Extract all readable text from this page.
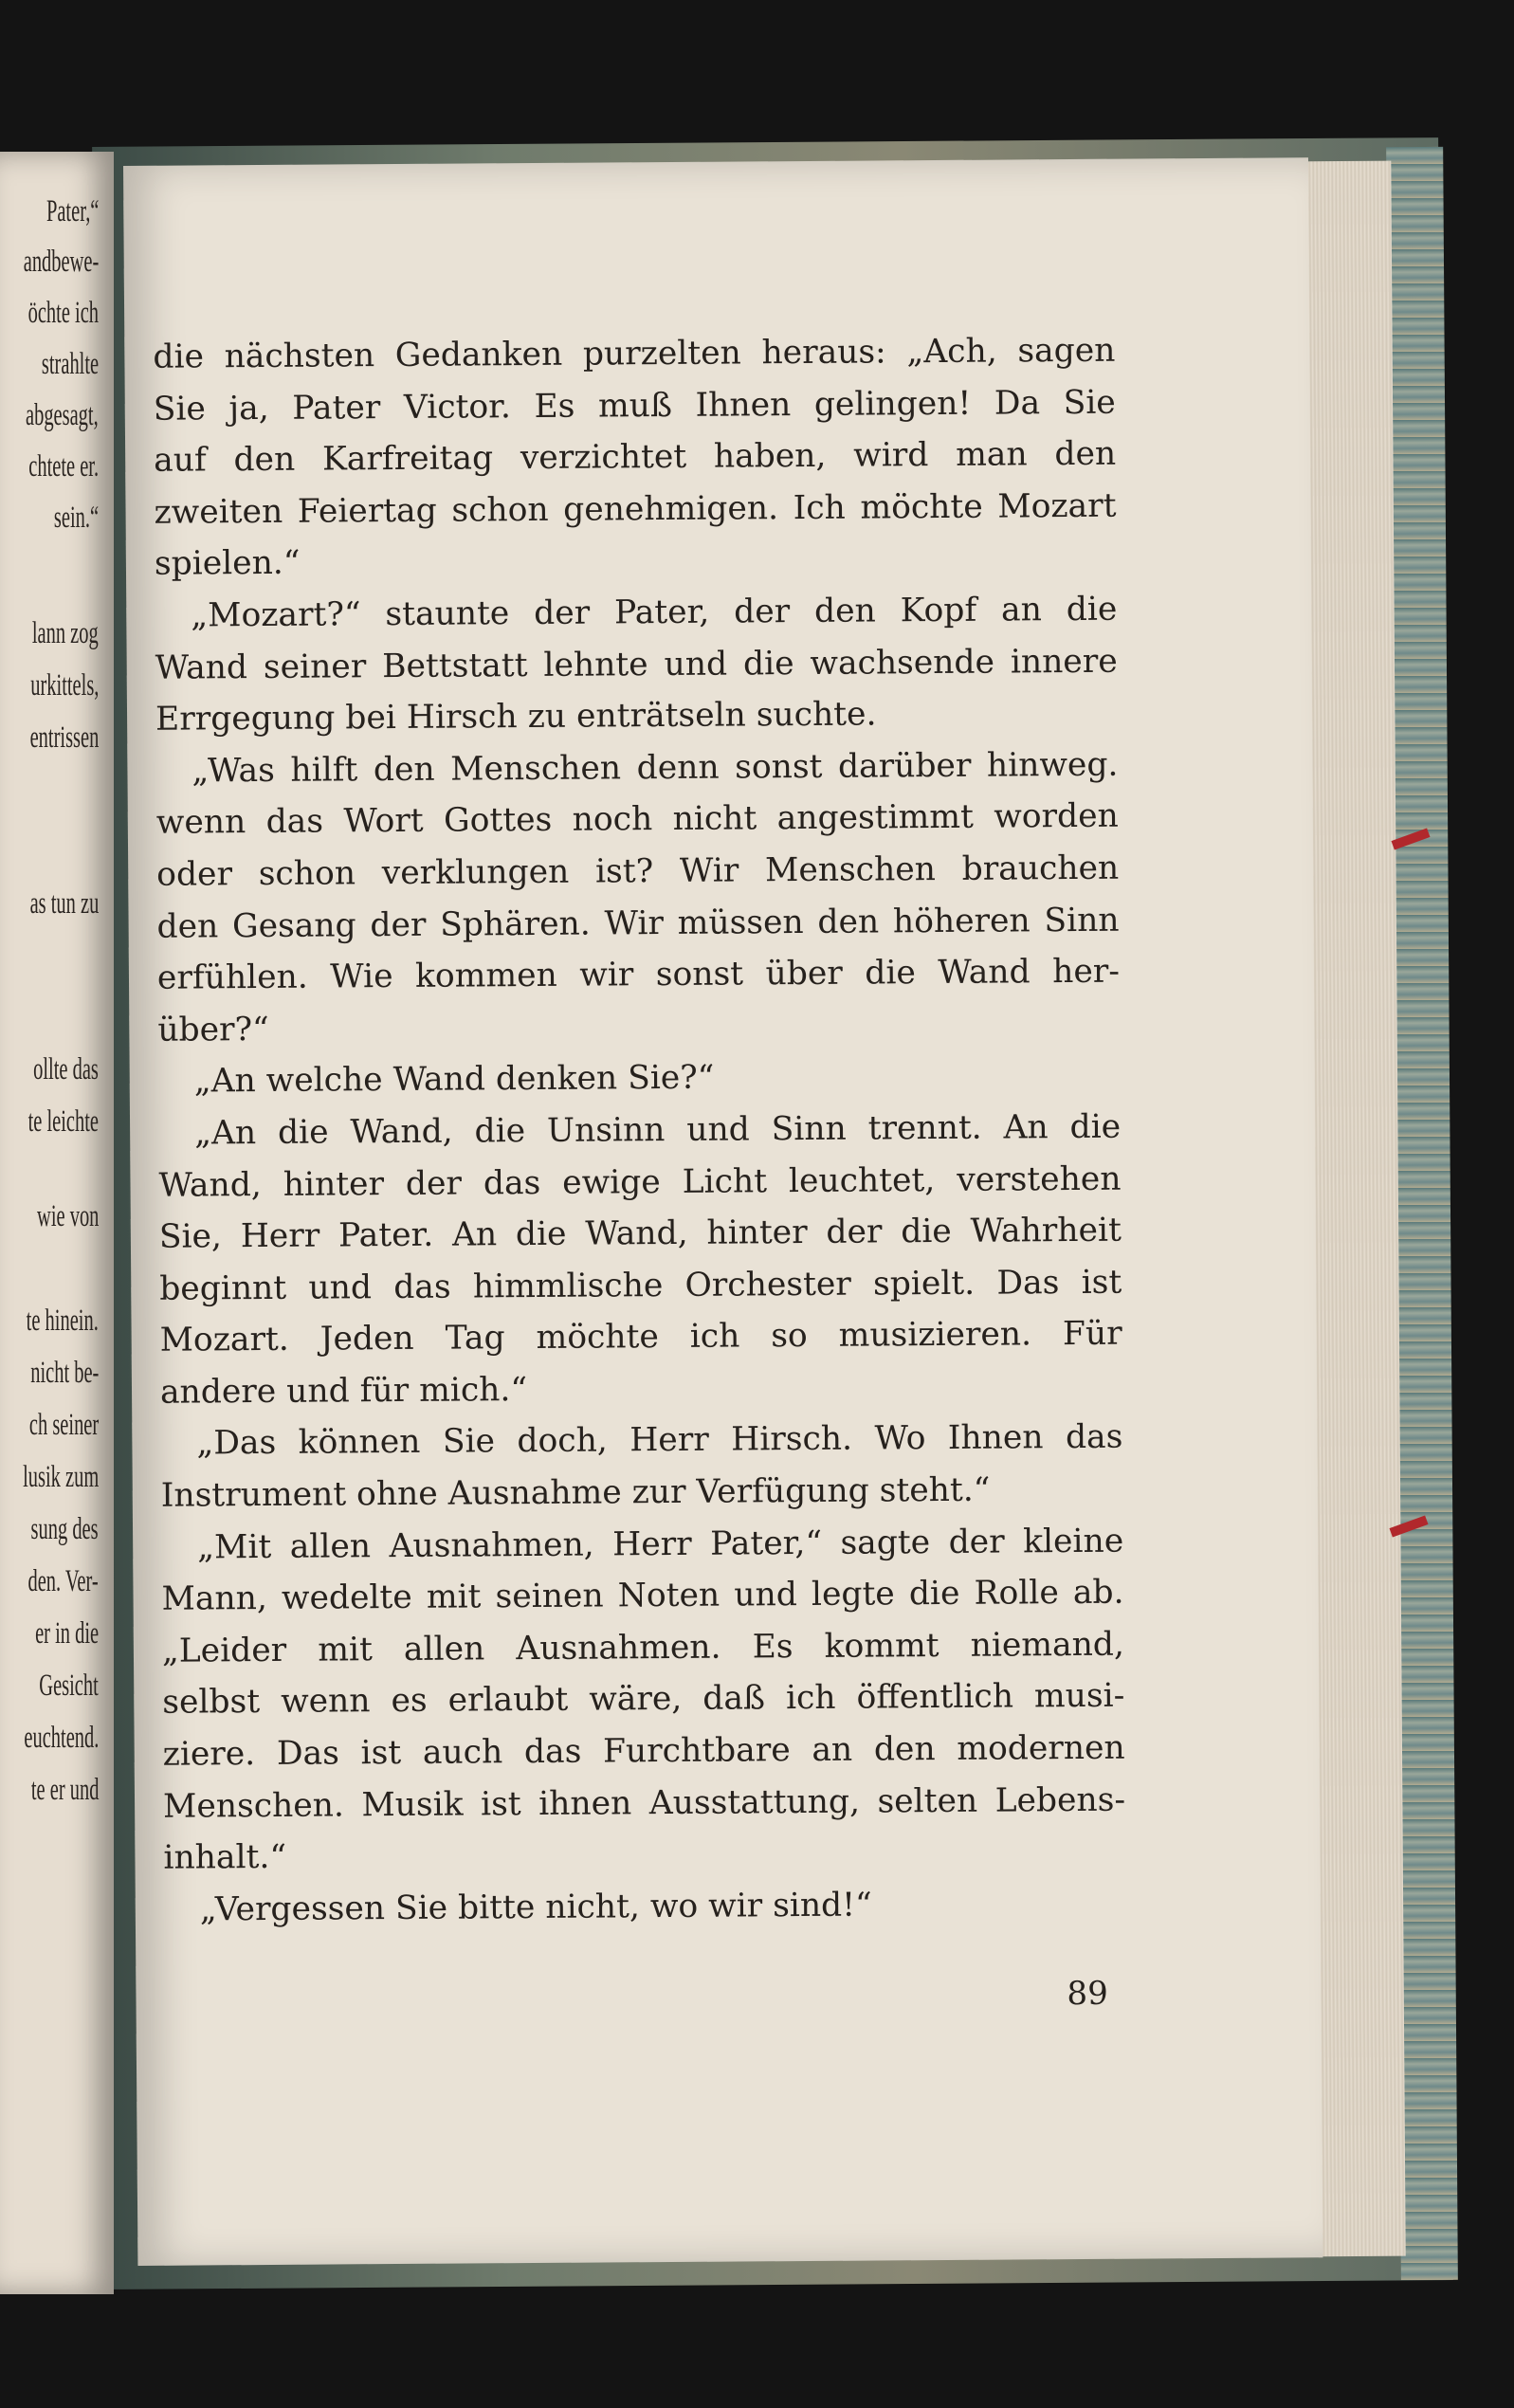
Pater,“
andbewe-
öchte ich
strahlte
abgesagt,
chtete er.
sein.“
lann zog
urkittels,
entrissen
as tun zu
ollte das
te leichte
wie von
te hinein.
nicht be-
ch seiner
lusik zum
sung des
den. Ver-
er in die
Gesicht
euchtend.
te er und
die nächsten Gedanken purzelten heraus: „Ach, sagen
Sie ja, Pater Victor. Es muß Ihnen gelingen! Da Sie
auf den Karfreitag verzichtet haben, wird man den
zweiten Feiertag schon genehmigen. Ich möchte Mozart
spielen.“
„Mozart?“ staunte der Pater, der den Kopf an die
Wand seiner Bettstatt lehnte und die wachsende innere
Errgegung bei Hirsch zu enträtseln suchte.
„Was hilft den Menschen denn sonst darüber hinweg.
wenn das Wort Gottes noch nicht angestimmt worden
oder schon verklungen ist? Wir Menschen brauchen
den Gesang der Sphären. Wir müssen den höheren Sinn
erfühlen. Wie kommen wir sonst über die Wand her-
über?“
„An welche Wand denken Sie?“
„An die Wand, die Unsinn und Sinn trennt. An die
Wand, hinter der das ewige Licht leuchtet, verstehen
Sie, Herr Pater. An die Wand, hinter der die Wahrheit
beginnt und das himmlische Orchester spielt. Das ist
Mozart. Jeden Tag möchte ich so musizieren. Für
andere und für mich.“
„Das können Sie doch, Herr Hirsch. Wo Ihnen das
Instrument ohne Ausnahme zur Verfügung steht.“
„Mit allen Ausnahmen, Herr Pater,“ sagte der kleine
Mann, wedelte mit seinen Noten und legte die Rolle ab.
„Leider mit allen Ausnahmen. Es kommt niemand,
selbst wenn es erlaubt wäre, daß ich öffentlich musi-
ziere. Das ist auch das Furchtbare an den modernen
Menschen. Musik ist ihnen Ausstattung, selten Lebens-
inhalt.“
„Vergessen Sie bitte nicht, wo wir sind!“
89
